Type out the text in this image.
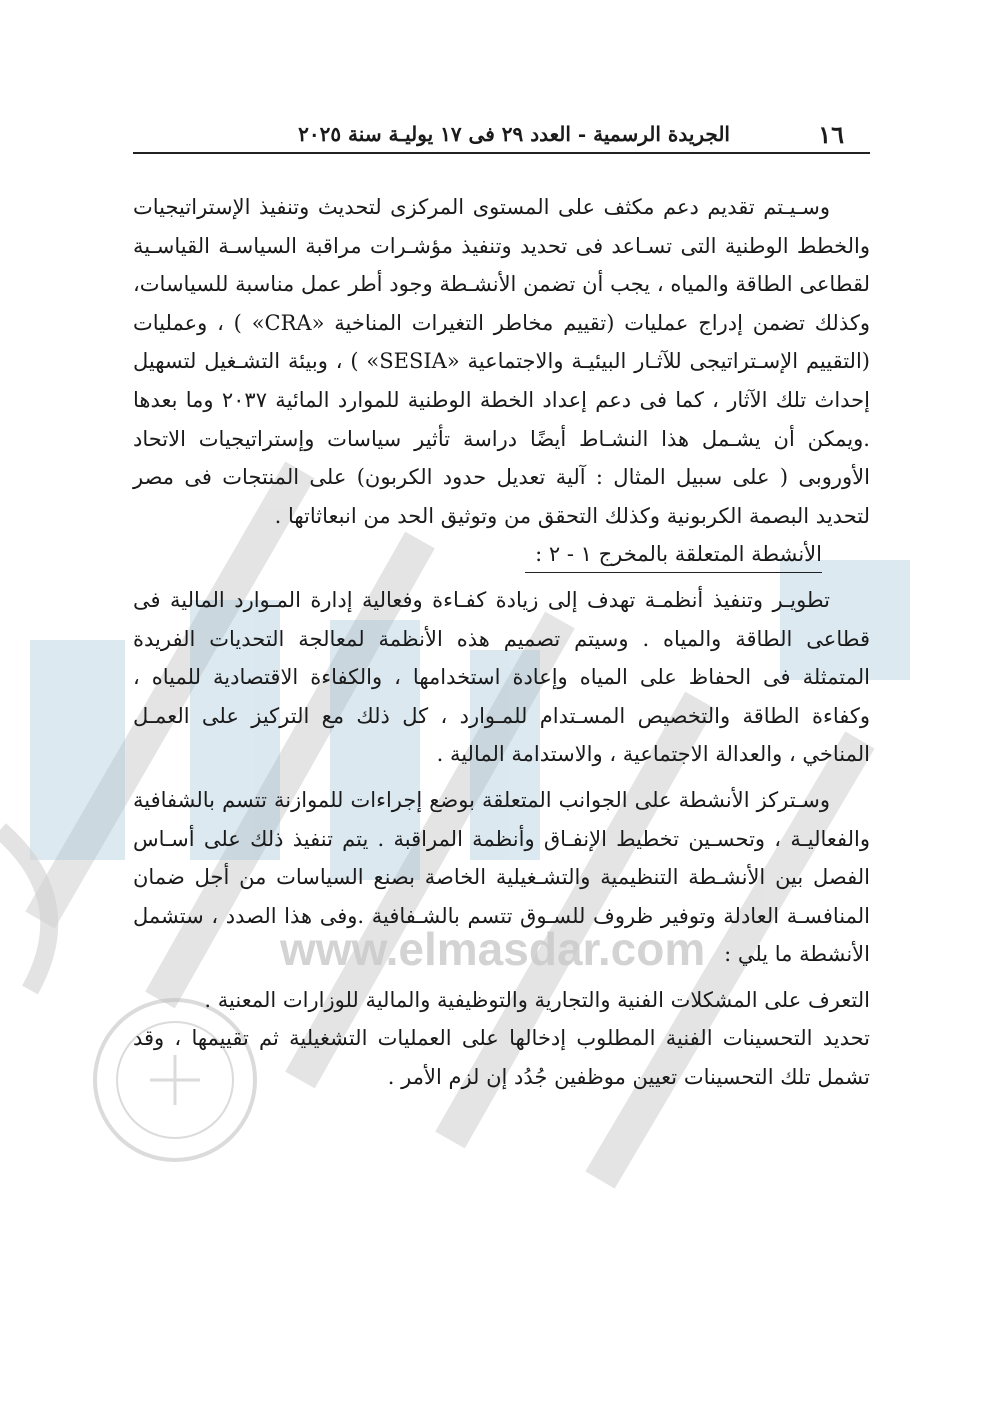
www.elmasdar.com
١٦
الجريدة الرسمية - العدد ٢٩ فى ١٧ يوليـة سنة ٢٠٢٥

وسـيـتم تقديم دعم مكثف على المستوى المركزى لتحديث وتنفيذ الإستراتيجيات والخطط الوطنية التى تسـاعد فى تحديد وتنفيذ مؤشـرات مراقبة السياسـة القياسـية لقطاعى الطاقة والمياه ، يجب أن تضمن الأنشـطة وجود أطر عمل مناسبة للسياسات، وكذلك تضمن إدراج عمليات (تقييم مخاطر التغيرات المناخية «CRA» ) ، وعمليات (التقييم الإسـتراتيجى للآثـار البيئيـة والاجتماعية «SESIA» ) ، وبيئة التشـغيل لتسهيل إحداث تلك الآثار ، كما فى دعم إعداد الخطة الوطنية للموارد المائية ٢٠٣٧ وما بعدها .ويمكن أن يشـمل هذا النشـاط أيضًا دراسة تأثير سياسات وإستراتيجيات الاتحاد الأوروبى ( على سبيل المثال : آلية تعديل حدود الكربون) على المنتجات فى مصر لتحديد البصمة الكربونية وكذلك التحقق من وتوثيق الحد من انبعاثاتها .

الأنشطة المتعلقة بالمخرج ١ - ٢ :

تطويـر وتنفيذ أنظمـة تهدف إلى زيادة كفـاءة وفعالية إدارة المـوارد المالية فى قطاعى الطاقة والمياه . وسيتم تصميم هذه الأنظمة لمعالجة التحديات الفريدة المتمثلة فى الحفاظ على المياه وإعادة استخدامها ، والكفاءة الاقتصادية للمياه ، وكفاءة الطاقة والتخصيص المسـتدام للمـوارد ، كل ذلك مع التركيز على العمـل المناخي ، والعدالة الاجتماعية ، والاستدامة المالية .

وسـتركز الأنشطة على الجوانب المتعلقة بوضع إجراءات للموازنة تتسم بالشفافية والفعاليـة ، وتحسـين تخطيط الإنفـاق وأنظمة المراقبة . يتم تنفيذ ذلك على أسـاس الفصل بين الأنشـطة التنظيمية والتشـغيلية الخاصة بصنع السياسات من أجل ضمان المنافسـة العادلة وتوفير ظروف للسـوق تتسم بالشـفافية .وفى هذا الصدد ، ستشمل الأنشطة ما يلي :

التعرف على المشكلات الفنية والتجارية والتوظيفية والمالية للوزارات المعنية .

تحديد التحسينات الفنية المطلوب إدخالها على العمليات التشغيلية ثم تقييمها ، وقد تشمل تلك التحسينات تعيين موظفين جُدُد إن لزم الأمر .
